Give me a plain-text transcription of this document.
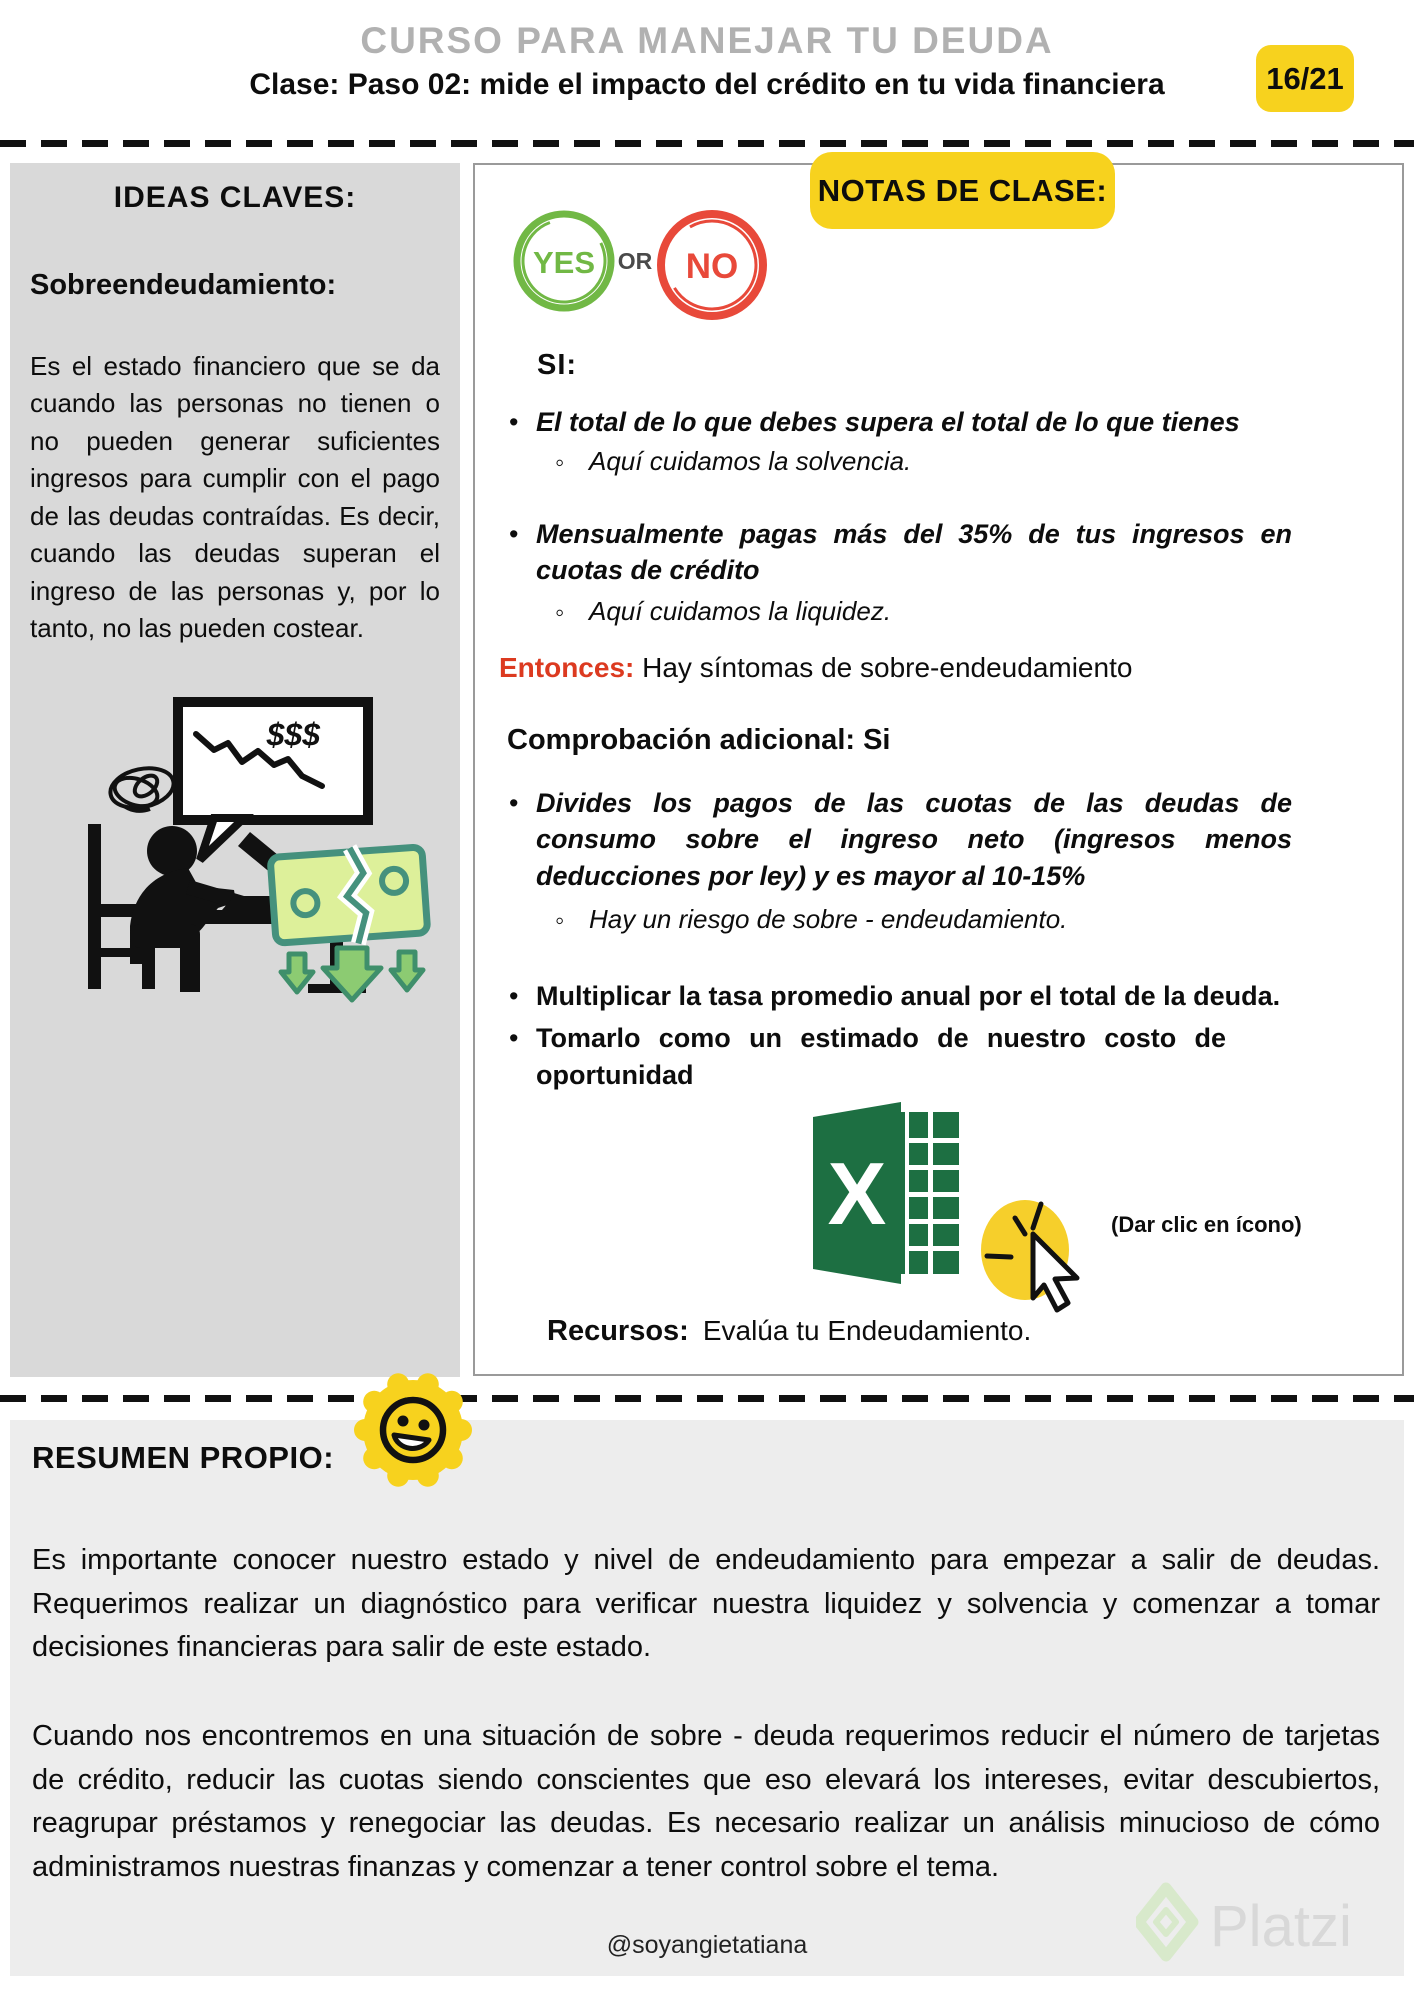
CURSO PARA MANEJAR TU DEUDA
Clase: Paso 02: mide el impacto del crédito en tu vida financiera	16/21
IDEAS CLAVES:
Sobreendeudamiento:
Es el estado financiero que se da cuando las personas no tienen o no pueden generar suficientes ingresos para cumplir con el pago de las deudas contraídas. Es decir, cuando las deudas superan el ingreso de las personas y, por lo tanto, no las pueden costear.
$$$
NOTAS DE CLASE:
YES OR NO
SI:
•
El total de lo que debes supera el total de lo que tienes
◦
Aquí cuidamos la solvencia.
•
Mensualmente pagas más del 35% de tus ingresos en cuotas de crédito
◦
Aquí cuidamos la liquidez.
Entonces: Hay síntomas de sobre-endeudamiento
Comprobación adicional: Si
•
Divides los pagos de las cuotas de las deudas de consumo sobre el ingreso neto (ingresos menos deducciones por ley) y es mayor al 10-15%
◦
Hay un riesgo de sobre - endeudamiento.
•
Multiplicar la tasa promedio anual por el total de la deuda.
•
Tomarlo como un estimado de nuestro costo de oportunidad
X	(Dar clic en ícono)
Recursos: Evalúa tu Endeudamiento.
RESUMEN PROPIO:

Es importante conocer nuestro estado y nivel de endeudamiento para empezar a salir de deudas. Requerimos realizar un diagnóstico para verificar nuestra liquidez y solvencia y comenzar a tomar decisiones financieras para salir de este estado.

Cuando nos encontremos en una situación de sobre - deuda requerimos reducir el número de tarjetas de crédito, reducir las cuotas siendo conscientes que eso elevará los intereses, evitar descubiertos, reagrupar préstamos y renegociar las deudas. Es necesario realizar un análisis minucioso de cómo administramos nuestras finanzas y comenzar a tener control sobre el tema.

@soyangietatiana	Platzi
